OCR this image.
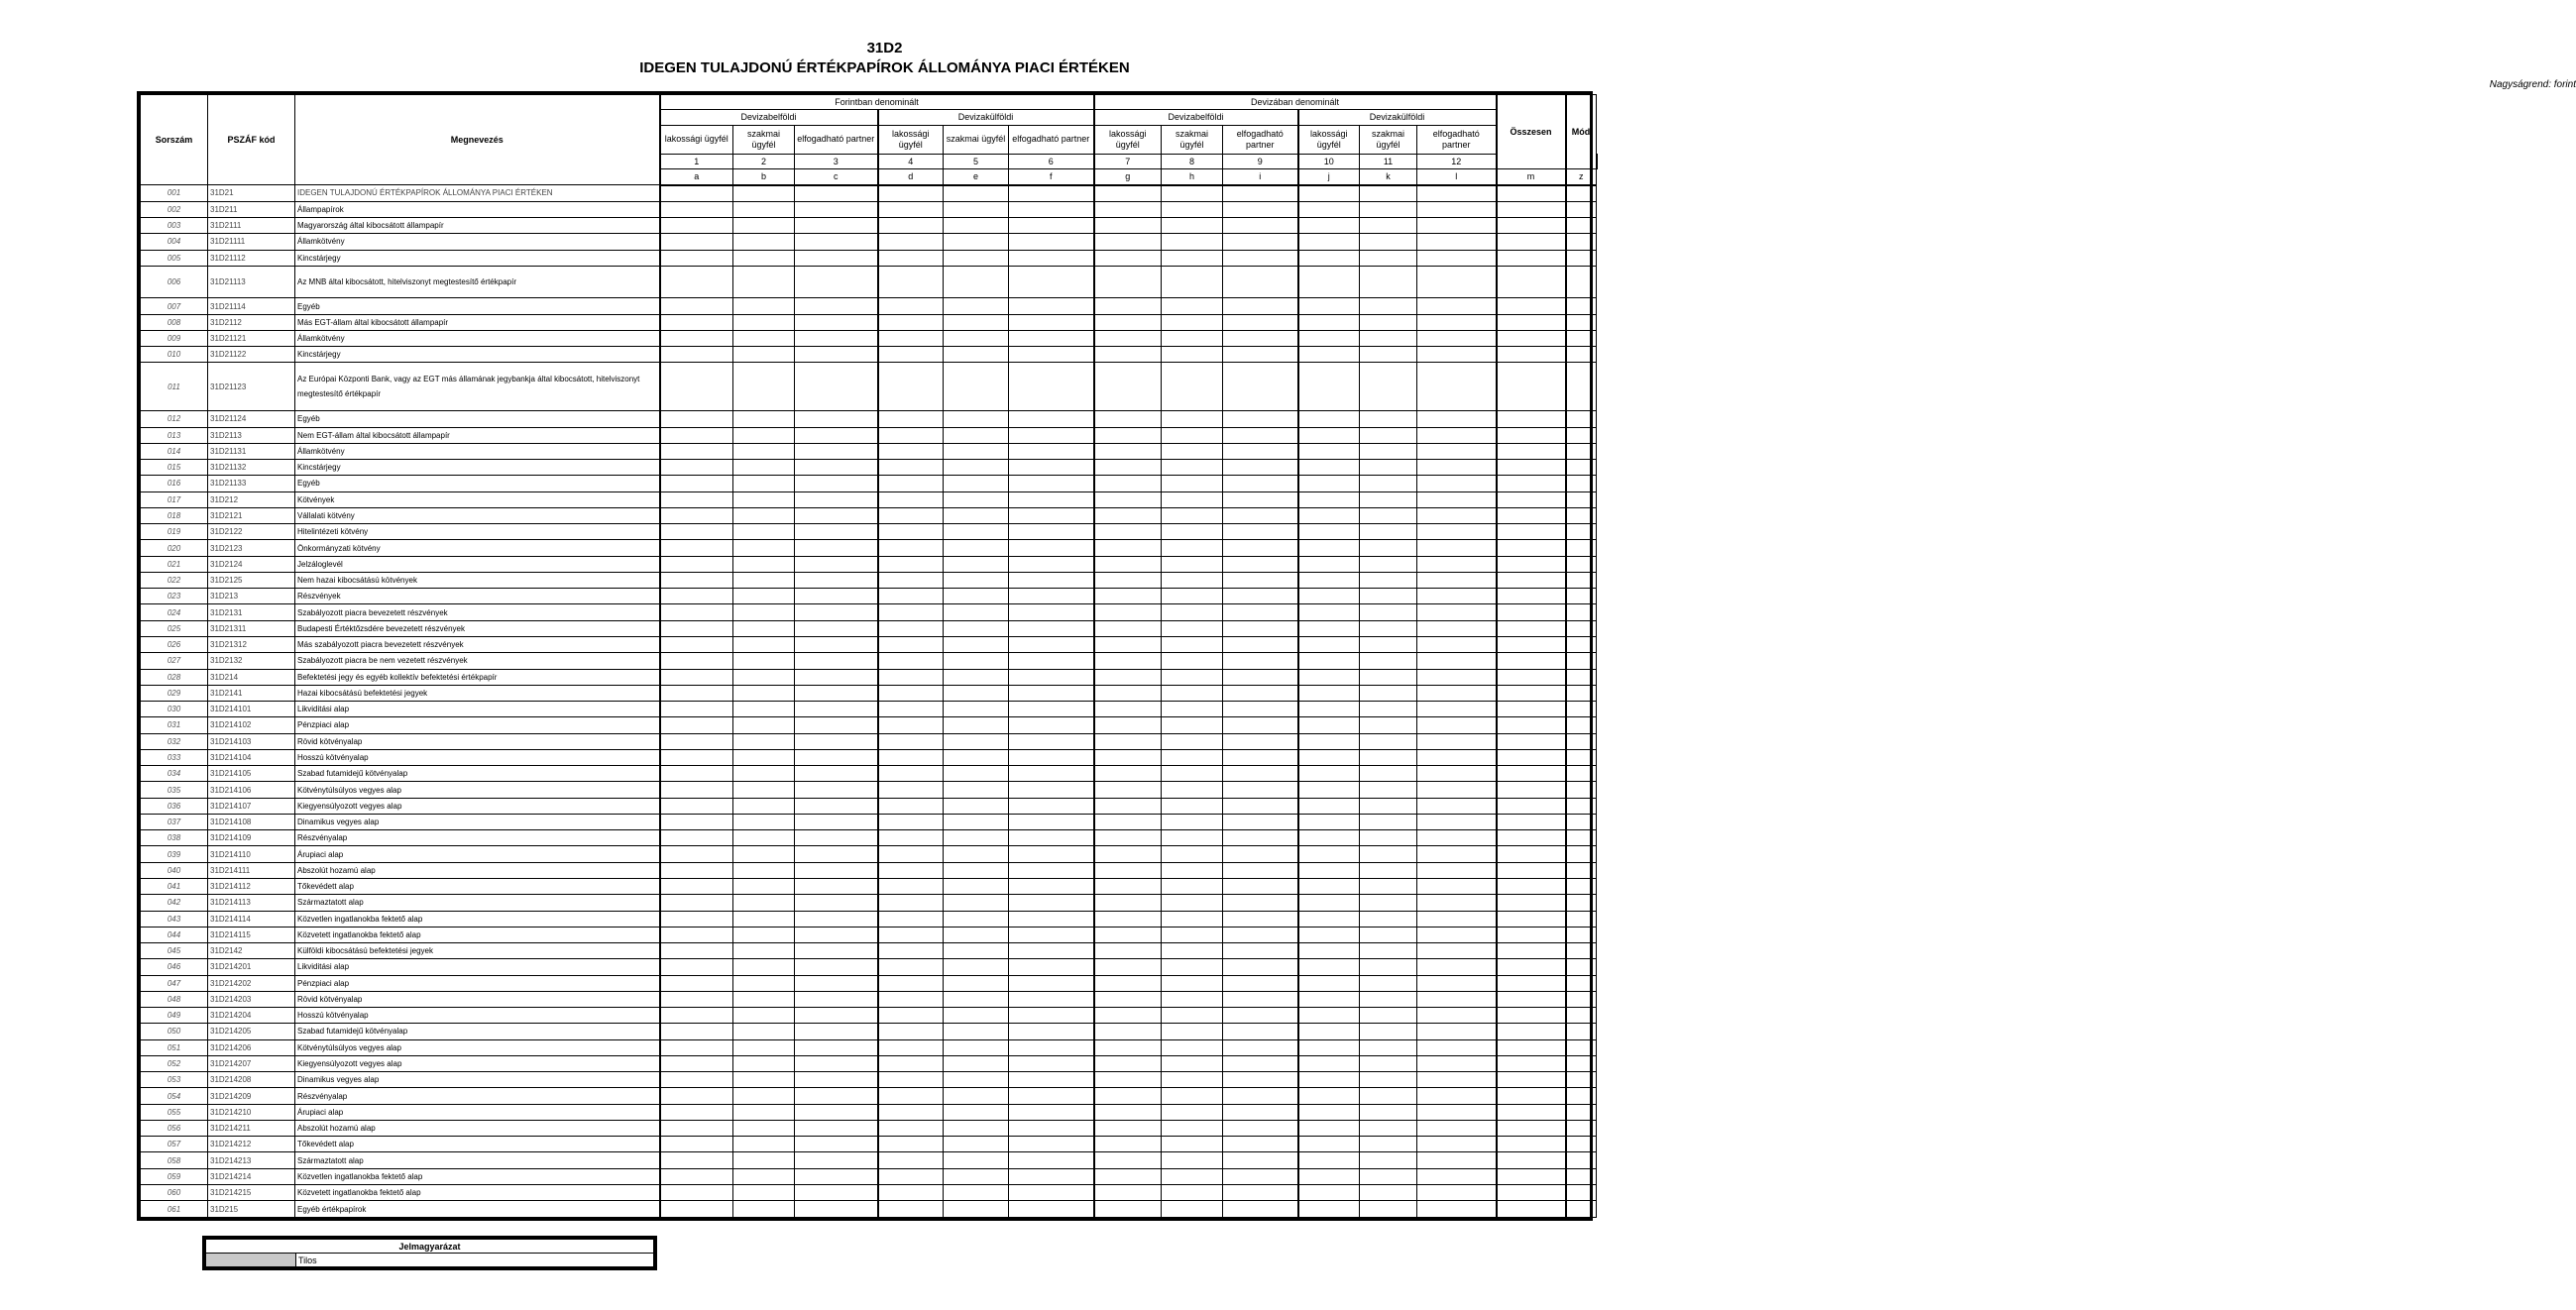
31D2
IDEGEN TULAJDONÚ ÉRTÉKPAPÍROK ÁLLOMÁNYA PIACI ÉRTÉKEN
Nagyságrend: forint
Sorszám	PSZÁF kód	Megnevezés	Forintban denominált						Devizában denominált						Összesen	Mód	
			Devizabelföldi			Devizakülföldi			Devizabelföldi			Devizakülföldi					
			lakossági ügyfél	szakmai ügyfél	elfogadható partner	lakossági ügyfél	szakmai ügyfél	elfogadható partner	lakossági ügyfél	szakmai ügyfél	elfogadható partner	lakossági ügyfél	szakmai ügyfél	elfogadható partner			
			1	2	3	4	5	6	7	8	9	10	11	12		
			a	b	c	d	e	f	g	h	i	j	k	l	m	z	
001	31D21	IDEGEN TULAJDONÚ ÉRTÉKPAPÍROK ÁLLOMÁNYA PIACI ÉRTÉKEN															
002	31D211	Állampapírok															
003	31D2111	Magyarország által kibocsátott állampapír															
004	31D21111	Államkötvény															
005	31D21112	Kincstárjegy															
006	31D21113	Az MNB által kibocsátott, hitelviszonyt megtestesítő értékpapír															
007	31D21114	Egyéb															
008	31D2112	Más EGT-állam által kibocsátott állampapír															
009	31D21121	Államkötvény															
010	31D21122	Kincstárjegy															
011	31D21123	Az Európai Központi Bank, vagy az EGT más államának jegybankja által kibocsátott, hitelviszonyt megtestesítő értékpapír															
012	31D21124	Egyéb															
013	31D2113	Nem EGT-állam által kibocsátott állampapír															
014	31D21131	Államkötvény															
015	31D21132	Kincstárjegy															
016	31D21133	Egyéb															
017	31D212	Kötvények															
018	31D2121	Vállalati kötvény															
019	31D2122	Hitelintézeti kötvény															
020	31D2123	Önkormányzati kötvény															
021	31D2124	Jelzáloglevél															
022	31D2125	Nem hazai kibocsátású kötvények															
023	31D213	Részvények															
024	31D2131	Szabályozott piacra bevezetett részvények															
025	31D21311	Budapesti Értéktőzsdére bevezetett részvények															
026	31D21312	Más szabályozott piacra bevezetett részvények															
027	31D2132	Szabályozott piacra be nem vezetett részvények															
028	31D214	Befektetési jegy és egyéb kollektív befektetési értékpapír															
029	31D2141	Hazai kibocsátású befektetési jegyek															
030	31D214101	Likviditási alap															
031	31D214102	Pénzpiaci alap															
032	31D214103	Rövid kötvényalap															
033	31D214104	Hosszú kötvényalap															
034	31D214105	Szabad futamidejű kötvényalap															
035	31D214106	Kötvénytúlsúlyos vegyes alap															
036	31D214107	Kiegyensúlyozott vegyes alap															
037	31D214108	Dinamikus vegyes alap															
038	31D214109	Részvényalap															
039	31D214110	Árupiaci alap															
040	31D214111	Abszolút hozamú alap															
041	31D214112	Tőkevédett alap															
042	31D214113	Származtatott alap															
043	31D214114	Közvetlen ingatlanokba fektető alap															
044	31D214115	Közvetett ingatlanokba fektető alap															
045	31D2142	Külföldi kibocsátású befektetési jegyek															
046	31D214201	Likviditási alap															
047	31D214202	Pénzpiaci alap															
048	31D214203	Rövid kötvényalap															
049	31D214204	Hosszú kötvényalap															
050	31D214205	Szabad futamidejű kötvényalap															
051	31D214206	Kötvénytúlsúlyos vegyes alap															
052	31D214207	Kiegyensúlyozott vegyes alap															
053	31D214208	Dinamikus vegyes alap															
054	31D214209	Részvényalap															
055	31D214210	Árupiaci alap															
056	31D214211	Abszolút hozamú alap															
057	31D214212	Tőkevédett alap															
058	31D214213	Származtatott alap															
059	31D214214	Közvetlen ingatlanokba fektető alap															
060	31D214215	Közvetett ingatlanokba fektető alap															
061	31D215	Egyéb értékpapírok															
Jelmagyarázat
	Tilos
